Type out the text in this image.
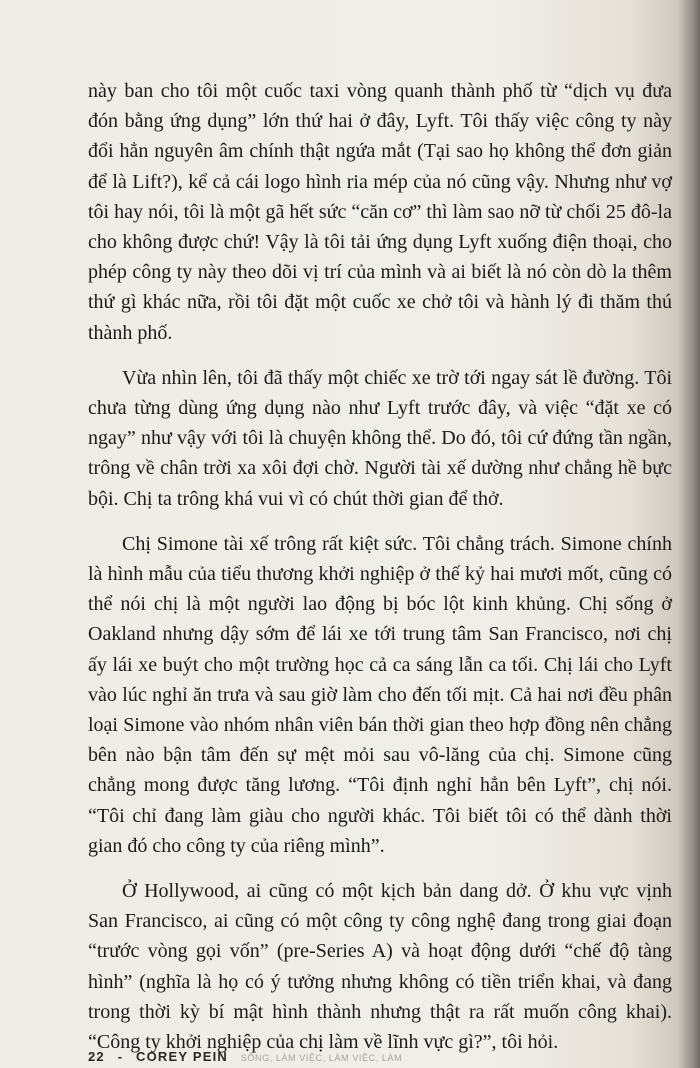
này ban cho tôi một cuốc taxi vòng quanh thành phố từ “dịch vụ đưa đón bằng ứng dụng” lớn thứ hai ở đây, Lyft. Tôi thấy việc công ty này đổi hẳn nguyên âm chính thật ngứa mắt (Tại sao họ không thể đơn giản để là Lift?), kể cả cái logo hình ria mép của nó cũng vậy. Nhưng như vợ tôi hay nói, tôi là một gã hết sức “căn cơ” thì làm sao nỡ từ chối 25 đô-la cho không được chứ! Vậy là tôi tải ứng dụng Lyft xuống điện thoại, cho phép công ty này theo dõi vị trí của mình và ai biết là nó còn dò la thêm thứ gì khác nữa, rồi tôi đặt một cuốc xe chở tôi và hành lý đi thăm thú thành phố.

Vừa nhìn lên, tôi đã thấy một chiếc xe trờ tới ngay sát lề đường. Tôi chưa từng dùng ứng dụng nào như Lyft trước đây, và việc “đặt xe có ngay” như vậy với tôi là chuyện không thể. Do đó, tôi cứ đứng tần ngần, trông về chân trời xa xôi đợi chờ. Người tài xế dường như chẳng hề bực bội. Chị ta trông khá vui vì có chút thời gian để thở.

Chị Simone tài xế trông rất kiệt sức. Tôi chẳng trách. Simone chính là hình mẫu của tiểu thương khởi nghiệp ở thế kỷ hai mươi mốt, cũng có thể nói chị là một người lao động bị bóc lột kinh khủng. Chị sống ở Oakland nhưng dậy sớm để lái xe tới trung tâm San Francisco, nơi chị ấy lái xe buýt cho một trường học cả ca sáng lẫn ca tối. Chị lái cho Lyft vào lúc nghỉ ăn trưa và sau giờ làm cho đến tối mịt. Cả hai nơi đều phân loại Simone vào nhóm nhân viên bán thời gian theo hợp đồng nên chẳng bên nào bận tâm đến sự mệt mỏi sau vô-lăng của chị. Simone cũng chẳng mong được tăng lương. “Tôi định nghỉ hẳn bên Lyft”, chị nói. “Tôi chỉ đang làm giàu cho người khác. Tôi biết tôi có thể dành thời gian đó cho công ty của riêng mình”.

Ở Hollywood, ai cũng có một kịch bản dang dở. Ở khu vực vịnh San Francisco, ai cũng có một công ty công nghệ đang trong giai đoạn “trước vòng gọi vốn” (pre-Series A) và hoạt động dưới “chế độ tàng hình” (nghĩa là họ có ý tưởng nhưng không có tiền triển khai, và đang trong thời kỳ bí mật hình thành nhưng thật ra rất muốn công khai). “Công ty khởi nghiệp của chị làm về lĩnh vực gì?”, tôi hỏi.

22 - COREY PEIN SỐNG, LÀM VIỆC, LÀM VIỆC, LÀM
